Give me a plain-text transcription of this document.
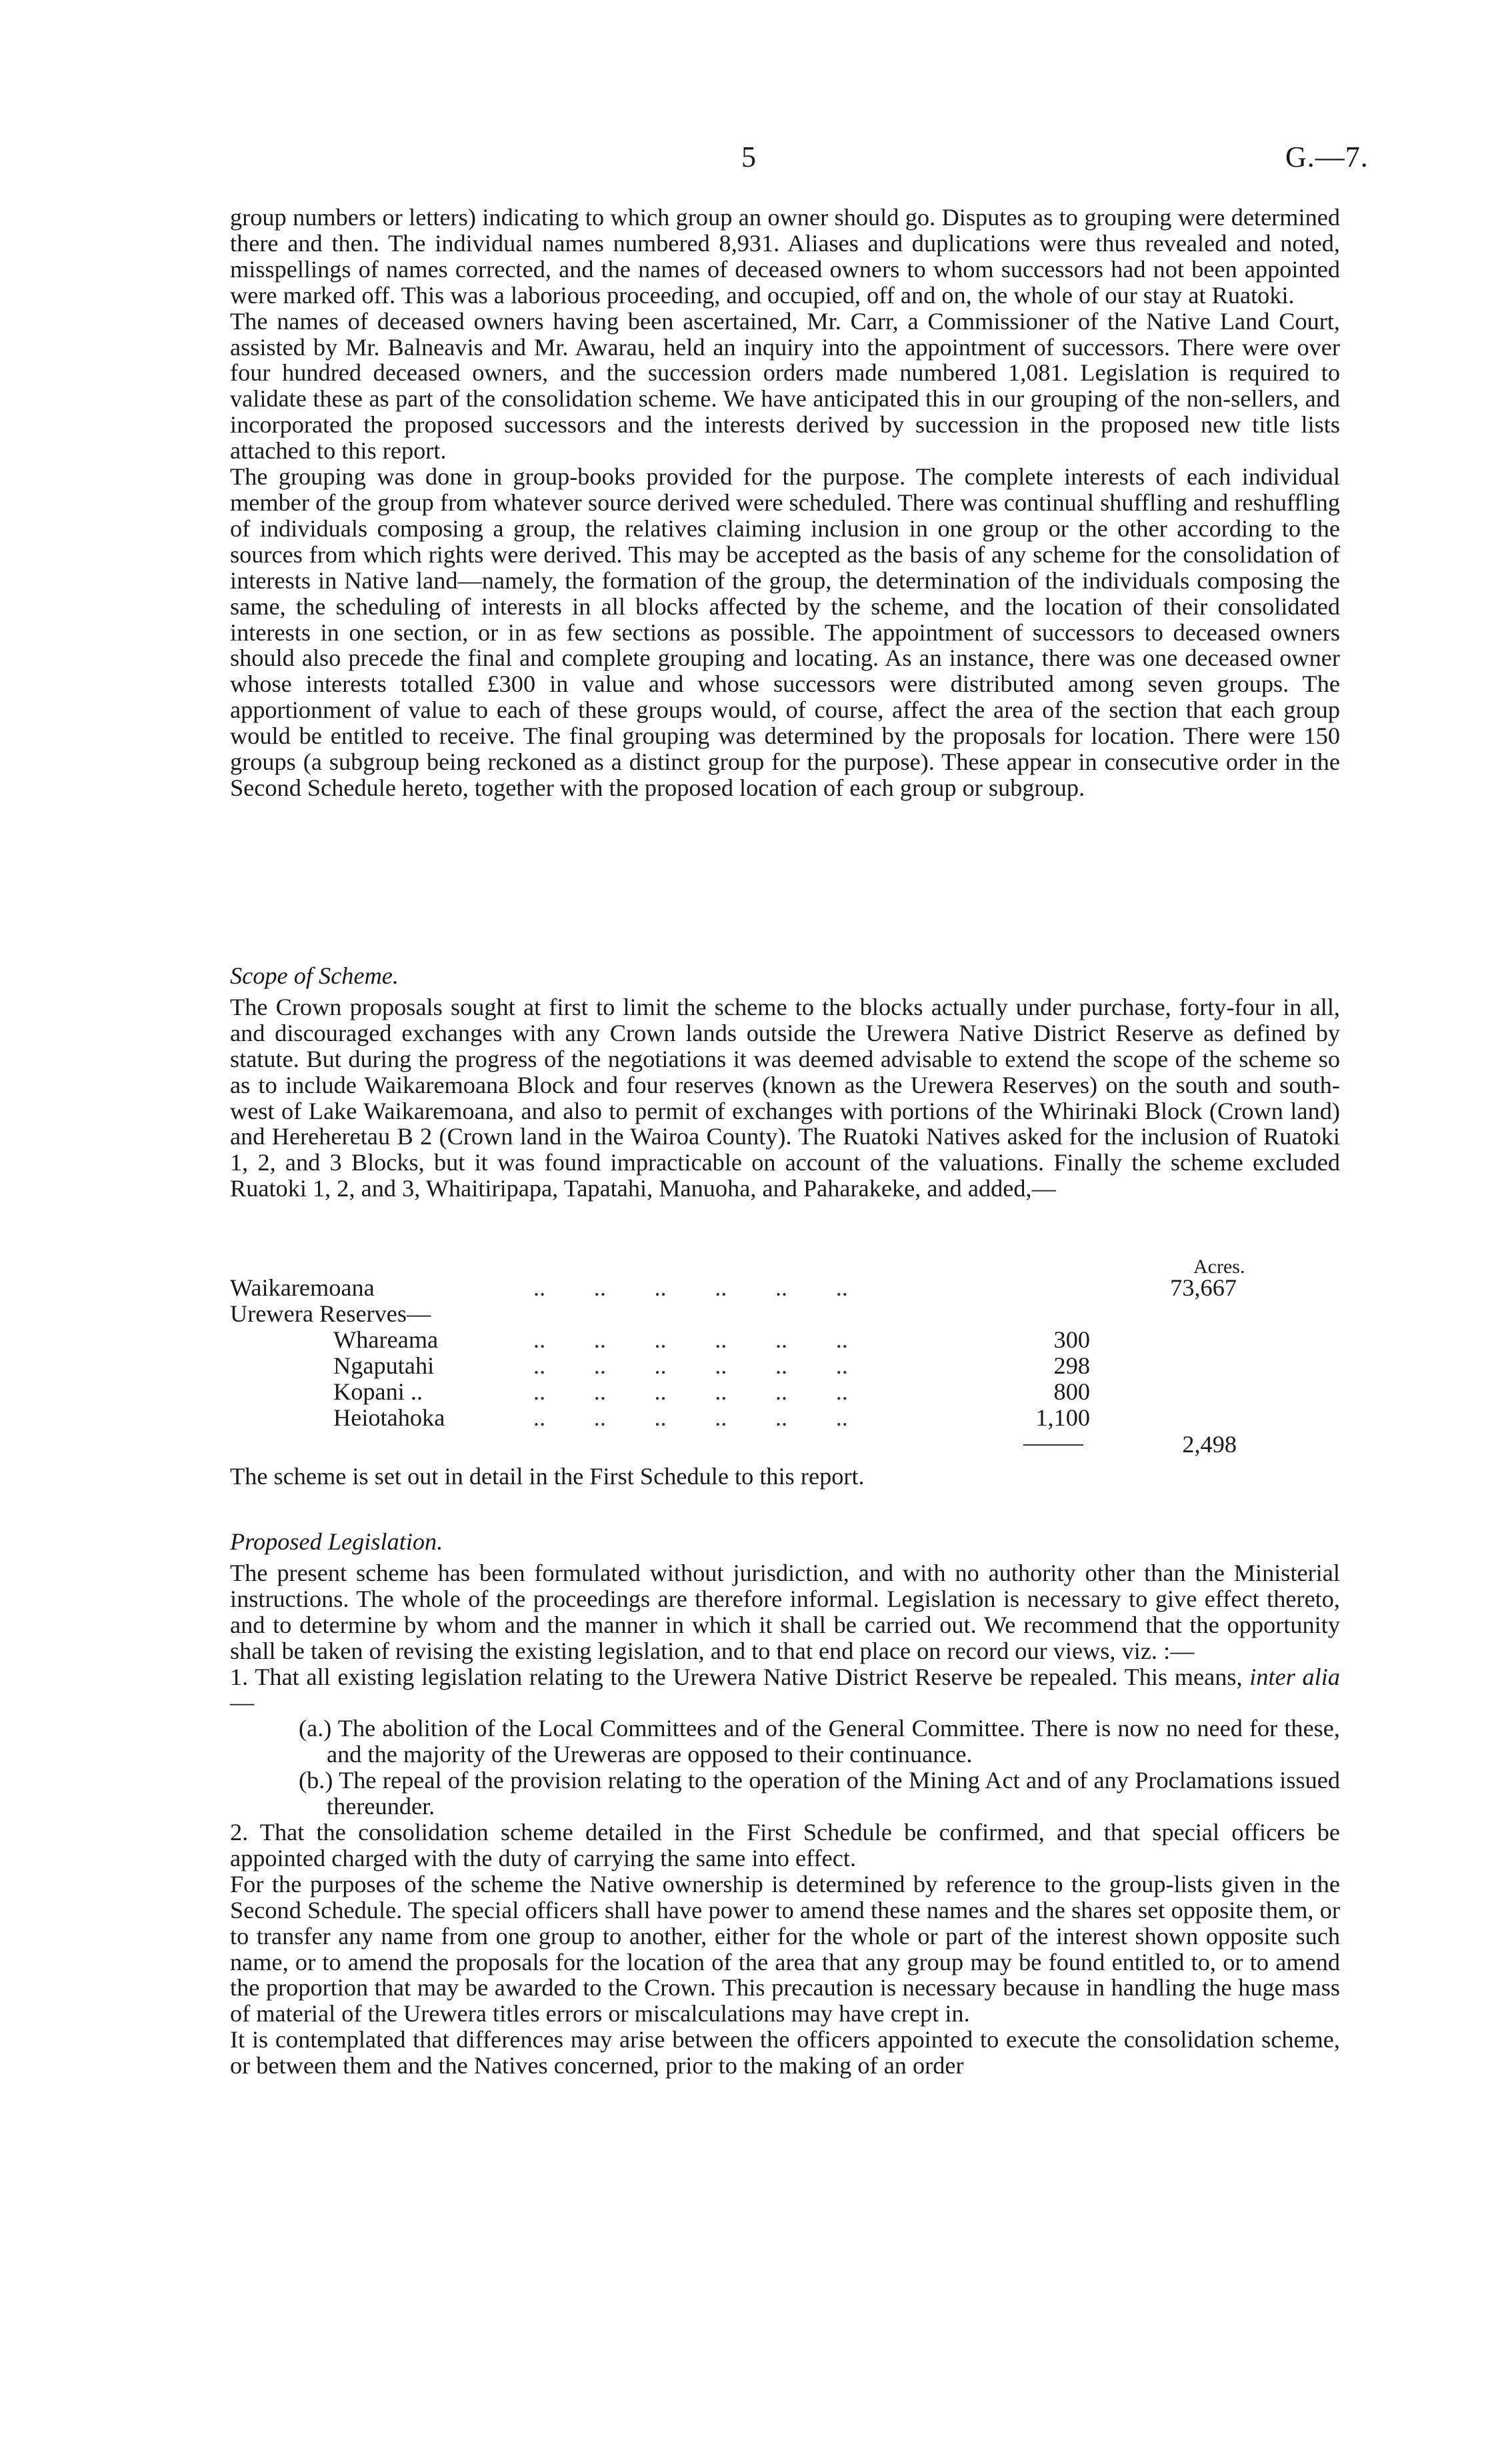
5	G.—7.

group numbers or letters) indicating to which group an owner should go. Disputes as to grouping were determined there and then. The individual names numbered 8,931. Aliases and duplications were thus revealed and noted, misspellings of names corrected, and the names of deceased owners to whom successors had not been appointed were marked off. This was a laborious proceeding, and occupied, off and on, the whole of our stay at Ruatoki.

The names of deceased owners having been ascertained, Mr. Carr, a Commissioner of the Native Land Court, assisted by Mr. Balneavis and Mr. Awarau, held an inquiry into the appointment of successors. There were over four hundred deceased owners, and the succession orders made numbered 1,081. Legislation is required to validate these as part of the consolidation scheme. We have anticipated this in our grouping of the non-sellers, and incorporated the proposed successors and the interests derived by succession in the proposed new title lists attached to this report.

The grouping was done in group-books provided for the purpose. The complete interests of each individual member of the group from whatever source derived were scheduled. There was continual shuffling and reshuffling of individuals composing a group, the relatives claiming inclusion in one group or the other according to the sources from which rights were derived. This may be accepted as the basis of any scheme for the consolidation of interests in Native land—namely, the formation of the group, the determination of the individuals composing the same, the scheduling of interests in all blocks affected by the scheme, and the location of their consolidated interests in one section, or in as few sections as possible. The appointment of successors to deceased owners should also precede the final and complete grouping and locating. As an instance, there was one deceased owner whose interests totalled £300 in value and whose successors were distributed among seven groups. The apportionment of value to each of these groups would, of course, affect the area of the section that each group would be entitled to receive. The final grouping was determined by the proposals for location. There were 150 groups (a subgroup being reckoned as a distinct group for the purpose). These appear in consecutive order in the Second Schedule hereto, together with the proposed location of each group or subgroup.

Scope of Scheme.

The Crown proposals sought at first to limit the scheme to the blocks actually under purchase, forty-four in all, and discouraged exchanges with any Crown lands outside the Urewera Native District Reserve as defined by statute. But during the progress of the negotiations it was deemed advisable to extend the scope of the scheme so as to include Waikaremoana Block and four reserves (known as the Urewera Reserves) on the south and south-west of Lake Waikaremoana, and also to permit of exchanges with portions of the Whirinaki Block (Crown land) and Hereheretau B 2 (Crown land in the Wairoa County). The Ruatoki Natives asked for the inclusion of Ruatoki 1, 2, and 3 Blocks, but it was found impracticable on account of the valuations. Finally the scheme excluded Ruatoki 1, 2, and 3, Whaitiripapa, Tapatahi, Manuoha, and Paharakeke, and added,—

Acres.
Waikaremoana	..        ..        ..        ..        ..        ..	73,667
Urewera Reserves—
Whareama	..        ..        ..        ..        ..        ..	300
Ngaputahi	..        ..        ..        ..        ..        ..	298
Kopani ..	..        ..        ..        ..        ..        ..	800
Heiotahoka	..        ..        ..        ..        ..        ..	1,100
2,498

The scheme is set out in detail in the First Schedule to this report.

Proposed Legislation.

The present scheme has been formulated without jurisdiction, and with no authority other than the Ministerial instructions. The whole of the proceedings are therefore informal. Legislation is necessary to give effect thereto, and to determine by whom and the manner in which it shall be carried out. We recommend that the opportunity shall be taken of revising the existing legislation, and to that end place on record our views, viz. :—

1. That all existing legislation relating to the Urewera Native District Reserve be repealed. This means, inter alia—

(a.) The abolition of the Local Committees and of the General Committee. There is now no need for these, and the majority of the Ureweras are opposed to their continuance.

(b.) The repeal of the provision relating to the operation of the Mining Act and of any Proclamations issued thereunder.

2. That the consolidation scheme detailed in the First Schedule be confirmed, and that special officers be appointed charged with the duty of carrying the same into effect.

For the purposes of the scheme the Native ownership is determined by reference to the group-lists given in the Second Schedule. The special officers shall have power to amend these names and the shares set opposite them, or to transfer any name from one group to another, either for the whole or part of the interest shown opposite such name, or to amend the proposals for the location of the area that any group may be found entitled to, or to amend the proportion that may be awarded to the Crown. This precaution is necessary because in handling the huge mass of material of the Urewera titles errors or miscalculations may have crept in.

It is contemplated that differences may arise between the officers appointed to execute the consolidation scheme, or between them and the Natives concerned, prior to the making of an order
